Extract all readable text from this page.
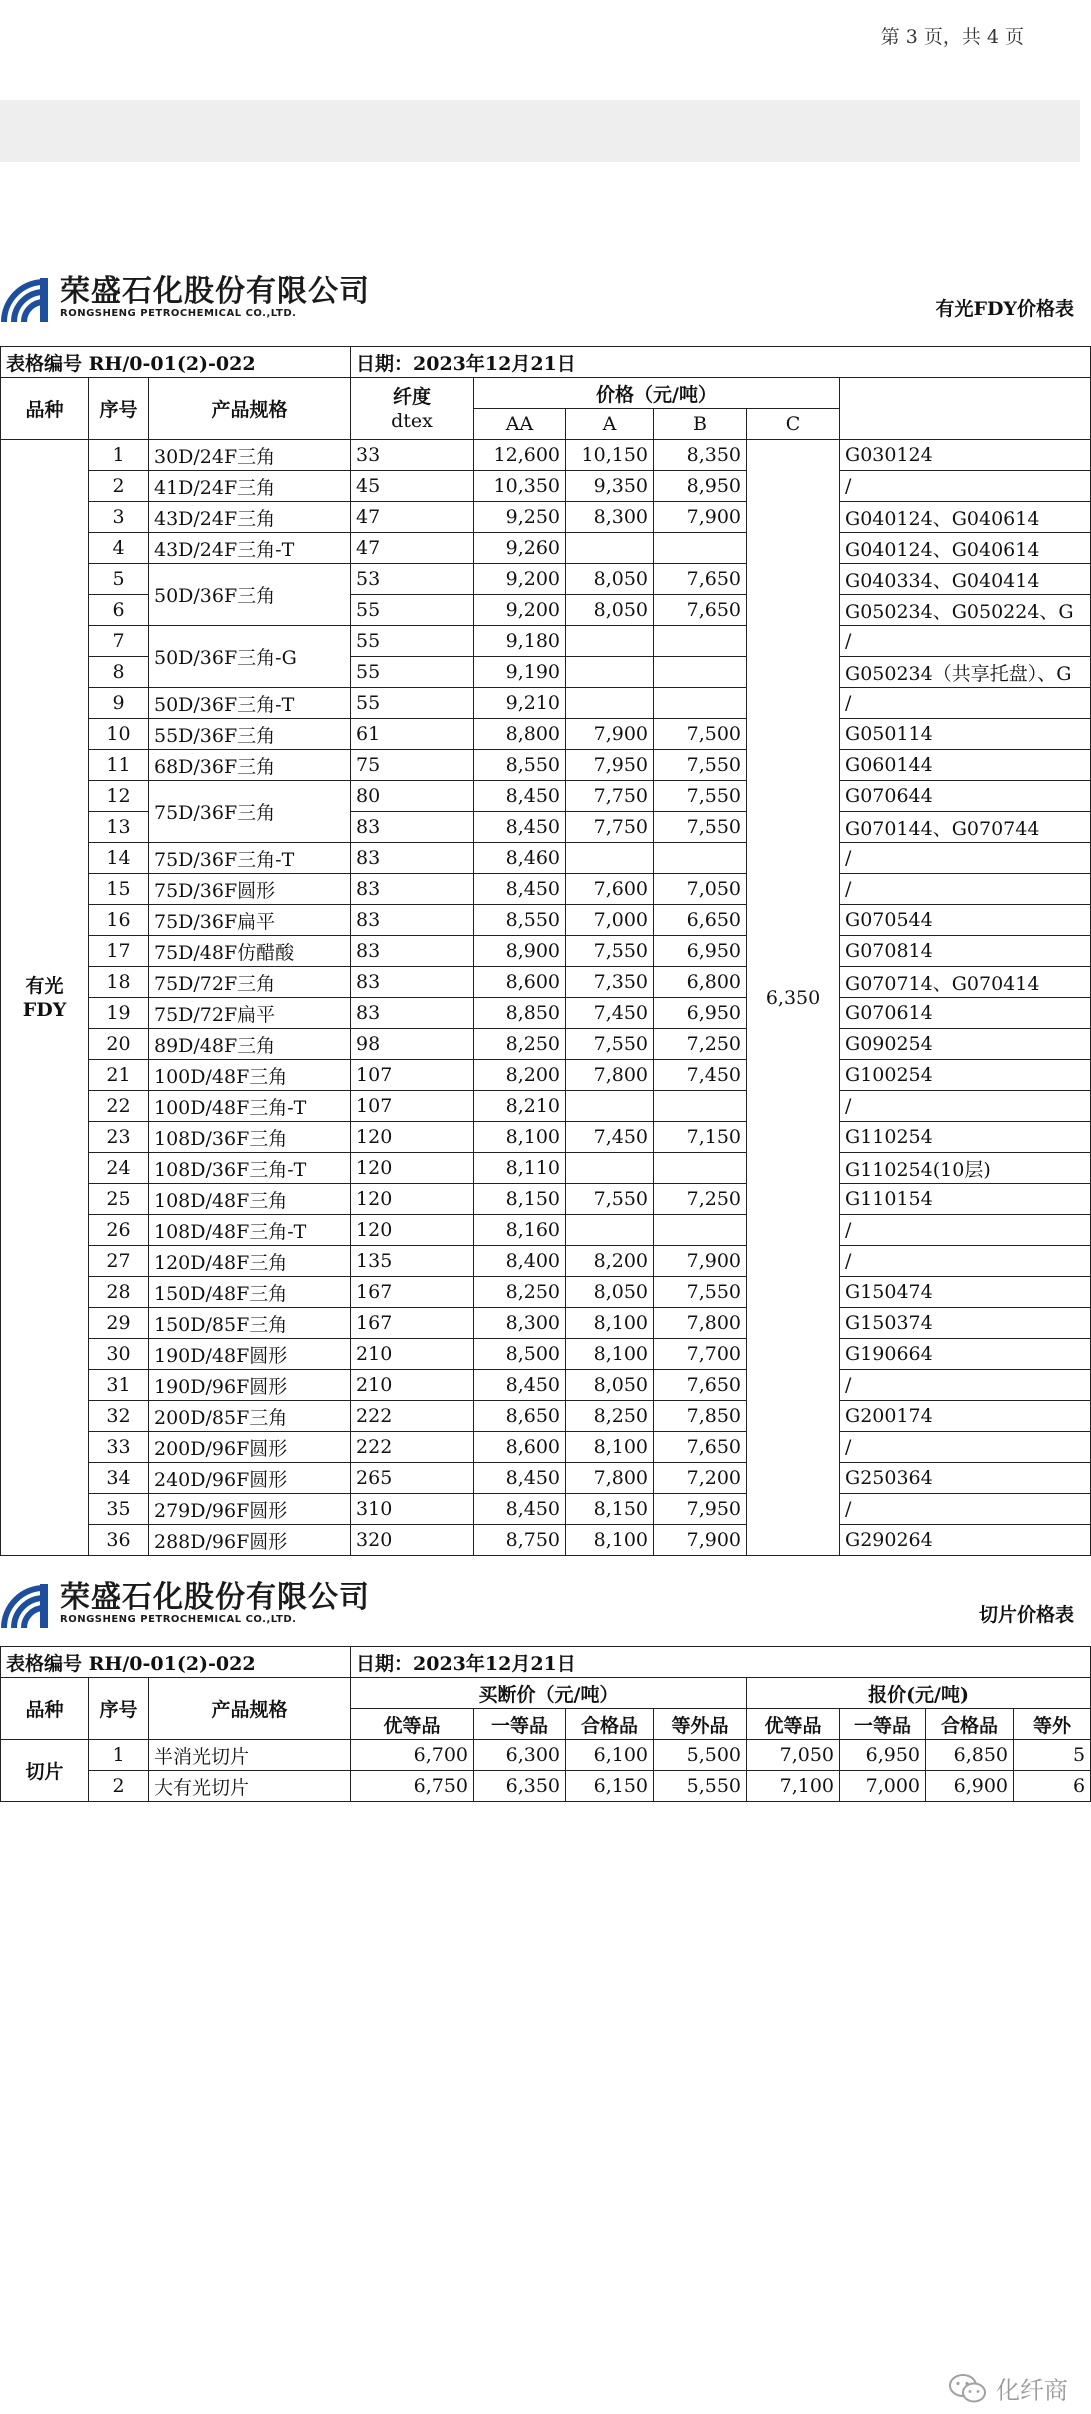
第 3 页，共 4 页
荣盛石化股份有限公司
RONGSHENG PETROCHEMICAL CO.,LTD.	有光FDY价格表
表格编号 RH/0-01(2)-022			日期：2023年12月21日					
品种	序号	产品规格	纤度
dtex	价格（元/吨）				
				AA	A	B	C	
有光FDY	1	30D/24F三角	33	12,600	10,150	8,350	6,350	G030124
	2	41D/24F三角	45	10,350	9,350	8,950		/
	3	43D/24F三角	47	9,250	8,300	7,900		G040124、G040614
	4	43D/24F三角-T	47	9,260				G040124、G040614
	5	50D/36F三角	53	9,200	8,050	7,650		G040334、G040414
	6		55	9,200	8,050	7,650		G050234、G050224、G
	7	50D/36F三角-G	55	9,180				/
	8		55	9,190				G050234（共享托盘）、G
	9	50D/36F三角-T	55	9,210				/
	10	55D/36F三角	61	8,800	7,900	7,500		G050114
	11	68D/36F三角	75	8,550	7,950	7,550		G060144
	12	75D/36F三角	80	8,450	7,750	7,550		G070644
	13		83	8,450	7,750	7,550		G070144、G070744
	14	75D/36F三角-T	83	8,460				/
	15	75D/36F圆形	83	8,450	7,600	7,050		/
	16	75D/36F扁平	83	8,550	7,000	6,650		G070544
	17	75D/48F仿醋酸	83	8,900	7,550	6,950		G070814
	18	75D/72F三角	83	8,600	7,350	6,800		G070714、G070414
	19	75D/72F扁平	83	8,850	7,450	6,950		G070614
	20	89D/48F三角	98	8,250	7,550	7,250		G090254
	21	100D/48F三角	107	8,200	7,800	7,450		G100254
	22	100D/48F三角-T	107	8,210				/
	23	108D/36F三角	120	8,100	7,450	7,150		G110254
	24	108D/36F三角-T	120	8,110				G110254(10层)
	25	108D/48F三角	120	8,150	7,550	7,250		G110154
	26	108D/48F三角-T	120	8,160				/
	27	120D/48F三角	135	8,400	8,200	7,900		/
	28	150D/48F三角	167	8,250	8,050	7,550		G150474
	29	150D/85F三角	167	8,300	8,100	7,800		G150374
	30	190D/48F圆形	210	8,500	8,100	7,700		G190664
	31	190D/96F圆形	210	8,450	8,050	7,650		/
	32	200D/85F三角	222	8,650	8,250	7,850		G200174
	33	200D/96F圆形	222	8,600	8,100	7,650		/
	34	240D/96F圆形	265	8,450	7,800	7,200		G250364
	35	279D/96F圆形	310	8,450	8,150	7,950		/
	36	288D/96F圆形	320	8,750	8,100	7,900		G290264
荣盛石化股份有限公司
RONGSHENG PETROCHEMICAL CO.,LTD.	切片价格表
表格编号 RH/0-01(2)-022			日期：2023年12月21日							
品种	序号	产品规格	买断价（元/吨）				报价(元/吨)			
			优等品	一等品	合格品	等外品	优等品	一等品	合格品	等外
切片	1	半消光切片	6,700	6,300	6,100	5,500	7,050	6,950	6,850	5
	2	大有光切片	6,750	6,350	6,150	5,550	7,100	7,000	6,900	6
化纤商
